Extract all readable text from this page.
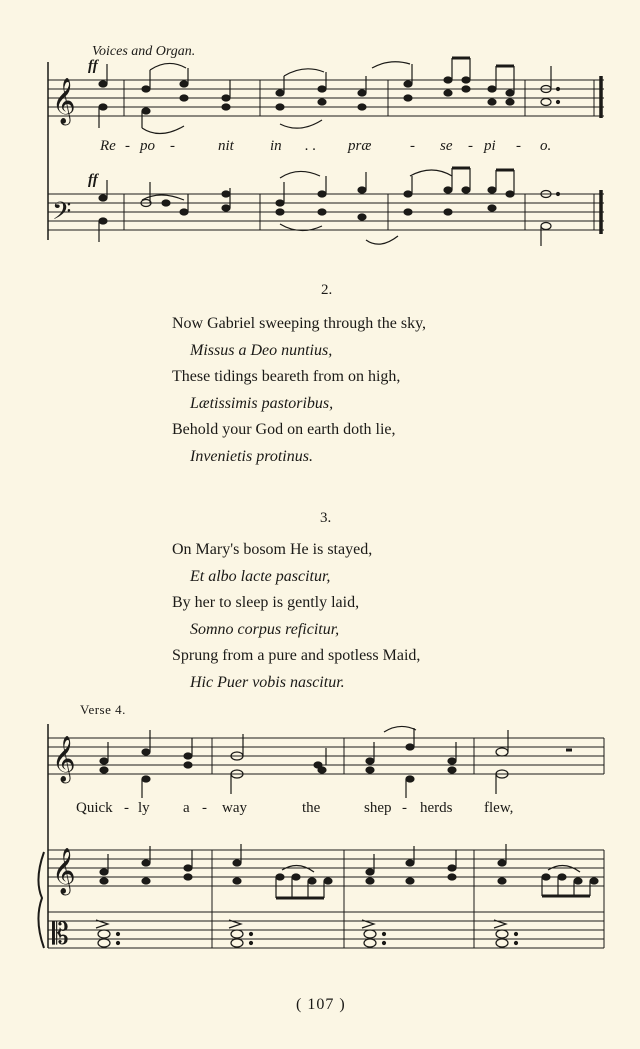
𝄞
𝄢
𝄞
𝄞
𝄡
Voices and Organ.
ff
ff
Re - po -	nit in . . præ	- se - pi - o.
2.
Now Gabriel sweeping through the sky,
Missus a Deo nuntius,
These tidings beareth from on high,
Lætissimis pastoribus,
Behold your God on earth doth lie,
Invenietis protinus.
3.
On Mary's bosom He is stayed,
Et albo lacte pascitur,
By her to sleep is gently laid,
Somno corpus reficitur,
Sprung from a pure and spotless Maid,
Hic Puer vobis nascitur.
Verse 4.
Quick - ly a - way	the	shep - herds flew,
( 107 )
